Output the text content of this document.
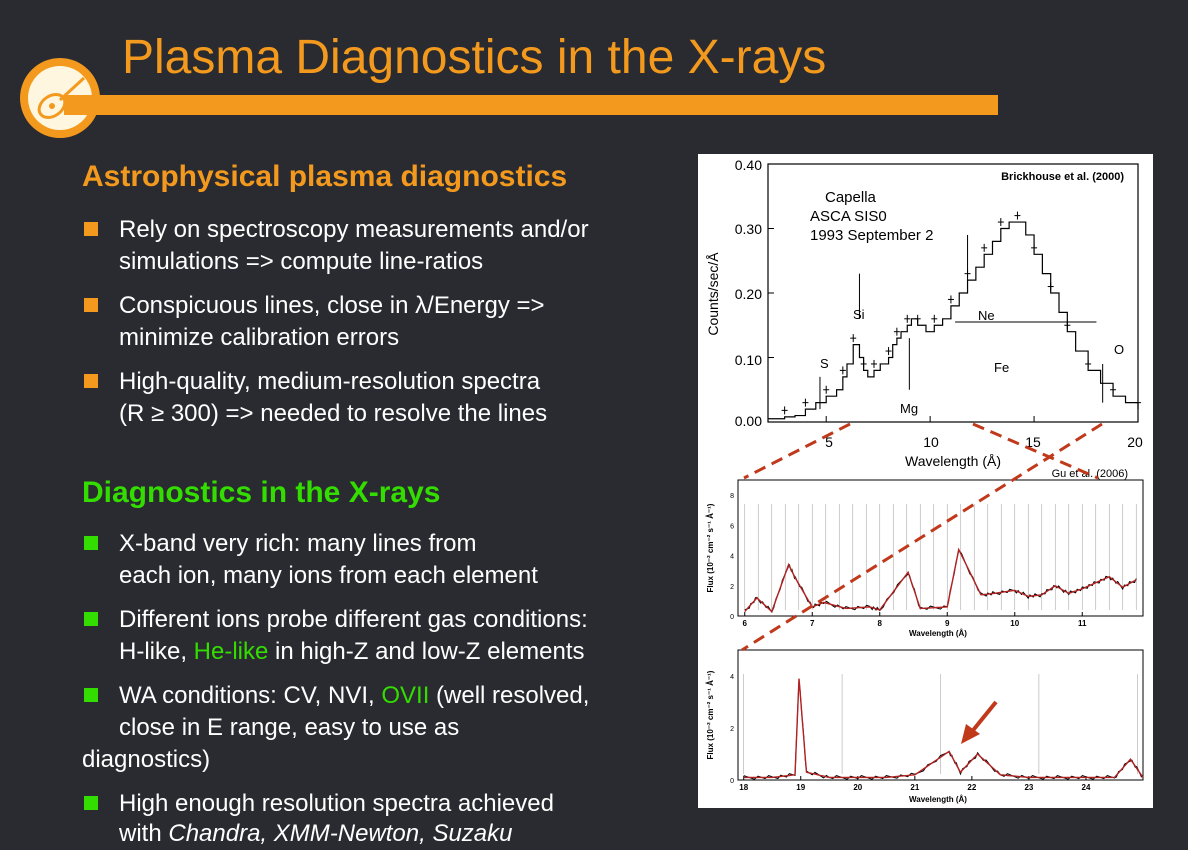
Plasma Diagnostics in the X-rays
Astrophysical plasma diagnostics
Rely on spectroscopy measurements and/or
simulations => compute line-ratios
Conspicuous lines, close in λ/Energy =>
minimize calibration errors
High-quality, medium-resolution spectra
(R ≥ 300) => needed to resolve the lines
Diagnostics in the X-rays
X-band very rich: many lines from
each ion, many ions from each element
Different ions probe different gas conditions:
H-like, He-like in high-Z and low-Z elements
WA conditions: CV, NVI, OVII (well resolved,
close in E range, easy to use as
diagnostics)
High enough resolution spectra achieved
with Chandra, XMM-Newton, Suzaku
Brickhouse et al. (2000)
Capella
ASCA SIS0
1993 September 2
Counts/sec/Å
Wavelength (Å)
0.00
0.10
0.20
0.30
0.40
5	10	15	20
S
Si
Mg
Ne
Fe
O
Gu et al. (2006)
Flux (10⁻² cm⁻² s⁻¹ Å⁻¹)
Wavelength (Å)
6	7	8	9	10	11
0
2
4
6
8
Flux (10⁻² cm⁻² s⁻¹ Å⁻¹)
Wavelength (Å)
18	19	20	21	22	23	24
0
2
4
